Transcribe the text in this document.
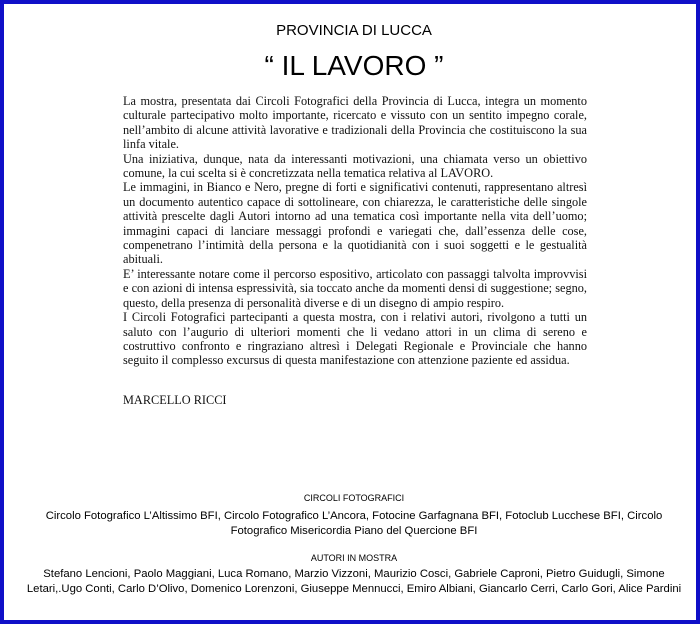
PROVINCIA DI LUCCA
“ IL LAVORO ”

La mostra, presentata dai Circoli Fotografici della Provincia di Lucca, integra un momento culturale partecipativo molto importante, ricercato e vissuto con un sentito impegno corale, nell’ambito di alcune attività lavorative e tradizionali della Provincia che costituiscono la sua linfa vitale.

Una iniziativa, dunque, nata da interessanti motivazioni, una chiamata verso un obiettivo comune, la cui scelta si è concretizzata nella tematica relativa al LAVORO.

Le immagini, in Bianco e Nero, pregne di forti e significativi contenuti, rappresentano altresì un documento autentico capace di sottolineare, con chiarezza, le caratteristiche delle singole attività prescelte dagli Autori intorno ad una tematica così importante nella vita dell’uomo; immagini capaci di lanciare messaggi profondi e variegati che, dall’essenza delle cose, compenetrano l’intimità della persona e la quotidianità con i suoi soggetti e le gestualità abituali.

E’ interessante notare come il percorso espositivo, articolato con passaggi talvolta improvvisi e con azioni di intensa espressività, sia toccato anche da momenti densi di suggestione; segno, questo, della presenza di personalità diverse e di un disegno di ampio respiro.

I Circoli Fotografici partecipanti a questa mostra, con i relativi autori, rivolgono a tutti un saluto con l’augurio di ulteriori momenti che li vedano attori in un clima di sereno e costruttivo confronto e ringraziano altresì i Delegati Regionale e Provinciale che hanno seguito il complesso excursus di questa manifestazione con attenzione paziente ed assidua.

MARCELLO RICCI
CIRCOLI FOTOGRAFICI
Circolo Fotografico L’Altissimo BFI, Circolo Fotografico L’Ancora, Fotocine Garfagnana BFI, Fotoclub Lucchese BFI, Circolo Fotografico Misericordia Piano del Quercione BFI
AUTORI IN MOSTRA
Stefano Lencioni, Paolo Maggiani, Luca Romano, Marzio Vizzoni, Maurizio Cosci, Gabriele Caproni, Pietro Guidugli, Simone Letari,.Ugo Conti, Carlo D’Olivo, Domenico Lorenzoni, Giuseppe Mennucci, Emiro Albiani, Giancarlo Cerri, Carlo Gori, Alice Pardini
